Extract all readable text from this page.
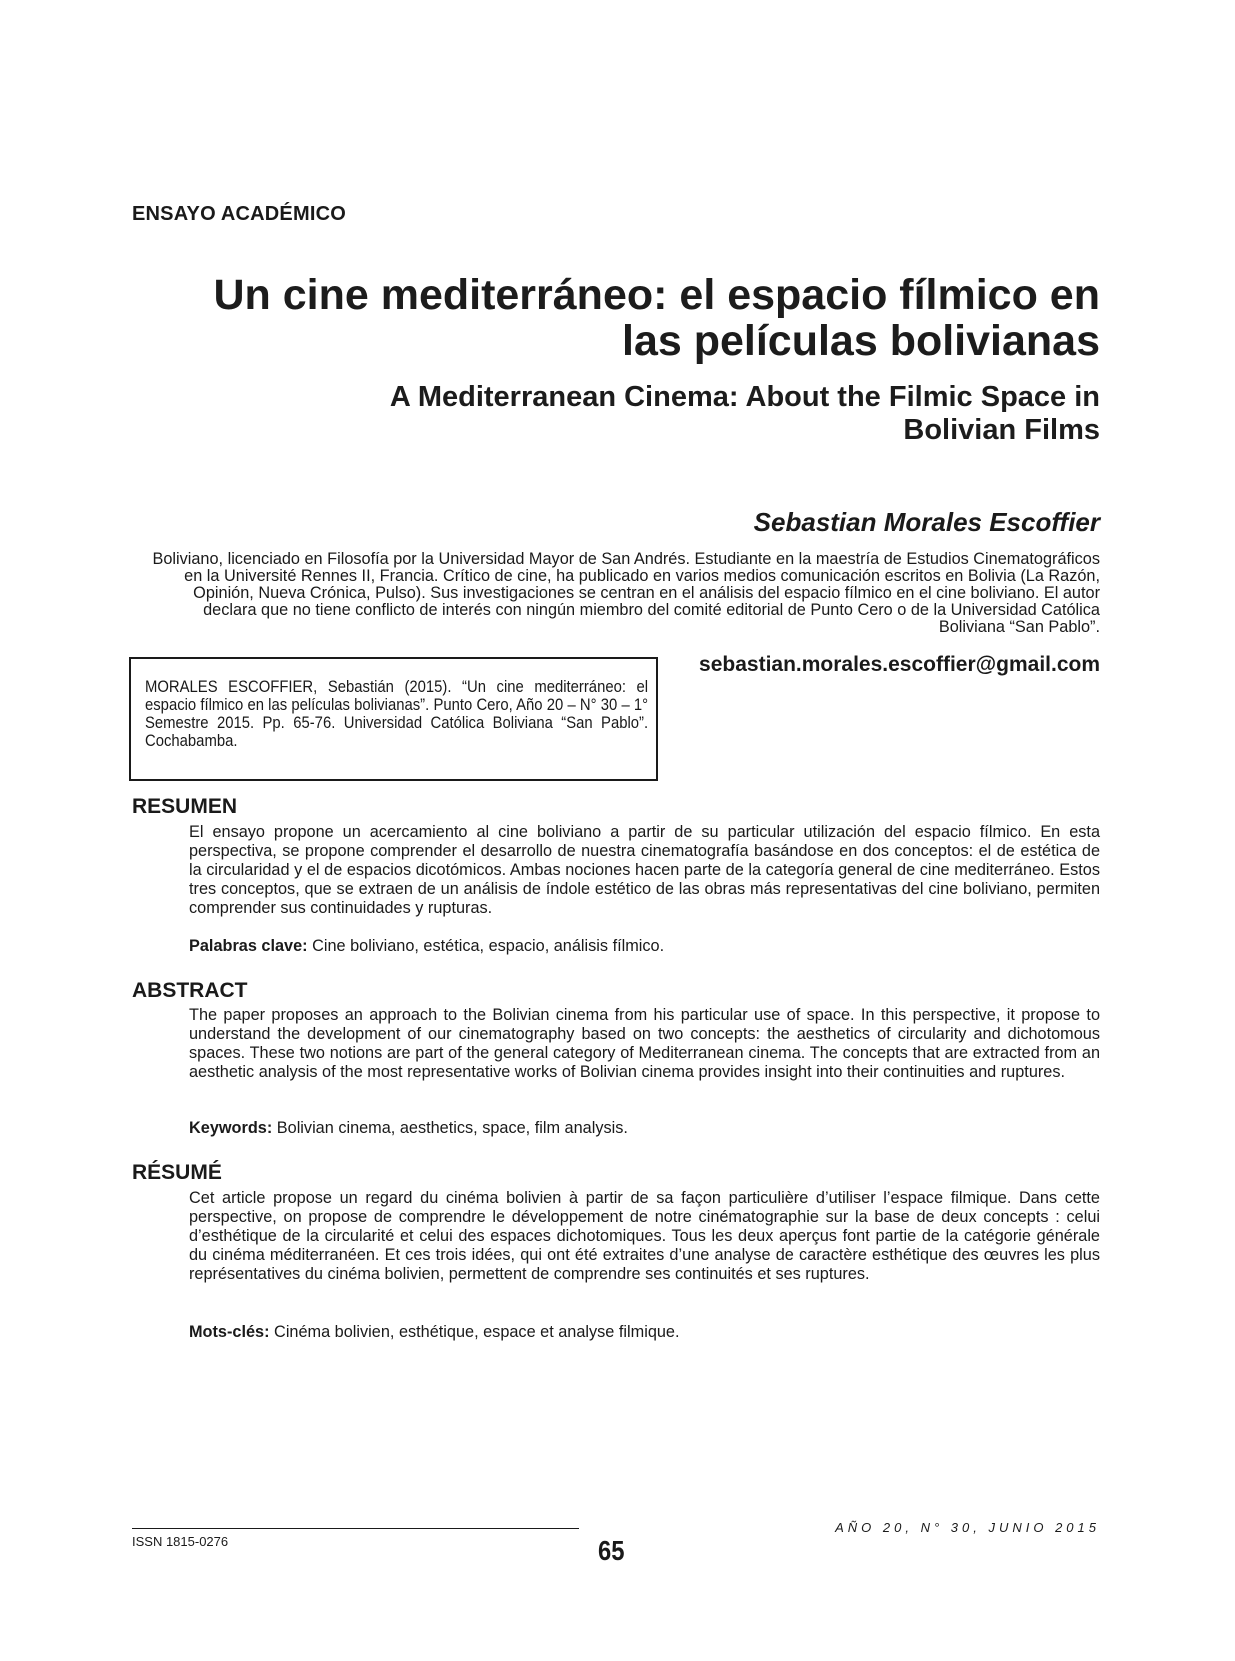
ENSAYO ACADÉMICO
Un cine mediterráneo: el espacio fílmico en
las películas bolivianas
A Mediterranean Cinema: About the Filmic Space in
Bolivian Films
Sebastian Morales Escoffier
Boliviano, licenciado en Filosofía por la Universidad Mayor de San Andrés. Estudiante en la maestría de Estudios Cinematográficos en la Université Rennes II, Francia. Crítico de cine, ha publicado en varios medios comunicación escritos en Bolivia (La Razón, Opinión, Nueva Crónica, Pulso). Sus investigaciones se centran en el análisis del espacio fílmico en el cine boliviano. El autor declara que no tiene conflicto de interés con ningún miembro del comité editorial de Punto Cero o de la Universidad Católica Boliviana “San Pablo”.
sebastian.morales.escoffier@gmail.com
MORALES ESCOFFIER, Sebastián (2015). “Un cine mediterráneo: el espacio fílmico en las películas bolivianas”. Punto Cero, Año 20 – N° 30 – 1° Semestre 2015. Pp. 65-76. Universidad Católica Boliviana “San Pablo”. Cochabamba.
RESUMEN
El ensayo propone un acercamiento al cine boliviano a partir de su particular utilización del espacio fílmico. En esta perspectiva, se propone comprender el desarrollo de nuestra cinematografía basándose en dos conceptos: el de estética de la circularidad y el de espacios dicotómicos. Ambas nociones hacen parte de la categoría general de cine mediterráneo. Estos tres conceptos, que se extraen de un análisis de índole estético de las obras más representativas del cine boliviano, permiten comprender sus continuidades y rupturas.
Palabras clave: Cine boliviano, estética, espacio, análisis fílmico.
ABSTRACT
The paper proposes an approach to the Bolivian cinema from his particular use of space. In this perspective, it propose to understand the development of our cinematography based on two concepts: the aesthetics of circularity and dichotomous spaces. These two notions are part of the general category of Mediterranean cinema. The concepts that are extracted from an aesthetic analysis of the most representative works of Bolivian cinema provides insight into their continuities and ruptures.
Keywords: Bolivian cinema, aesthetics, space, film analysis.
RÉSUMÉ
Cet article propose un regard du cinéma bolivien à partir de sa façon particulière d’utiliser l’espace filmique. Dans cette perspective, on propose de comprendre le développement de notre cinématographie sur la base de deux concepts : celui d’esthétique de la circularité et celui des espaces dichotomiques. Tous les deux aperçus font partie de la catégorie générale du cinéma méditerranéen. Et ces trois idées, qui ont été extraites d’une analyse de caractère esthétique des œuvres les plus représentatives du cinéma bolivien, permettent de comprendre ses continuités et ses ruptures.
Mots-clés: Cinéma bolivien, esthétique, espace et analyse filmique.
ISSN 1815-0276	65
AÑO 20, N° 30, JUNIO 2015
